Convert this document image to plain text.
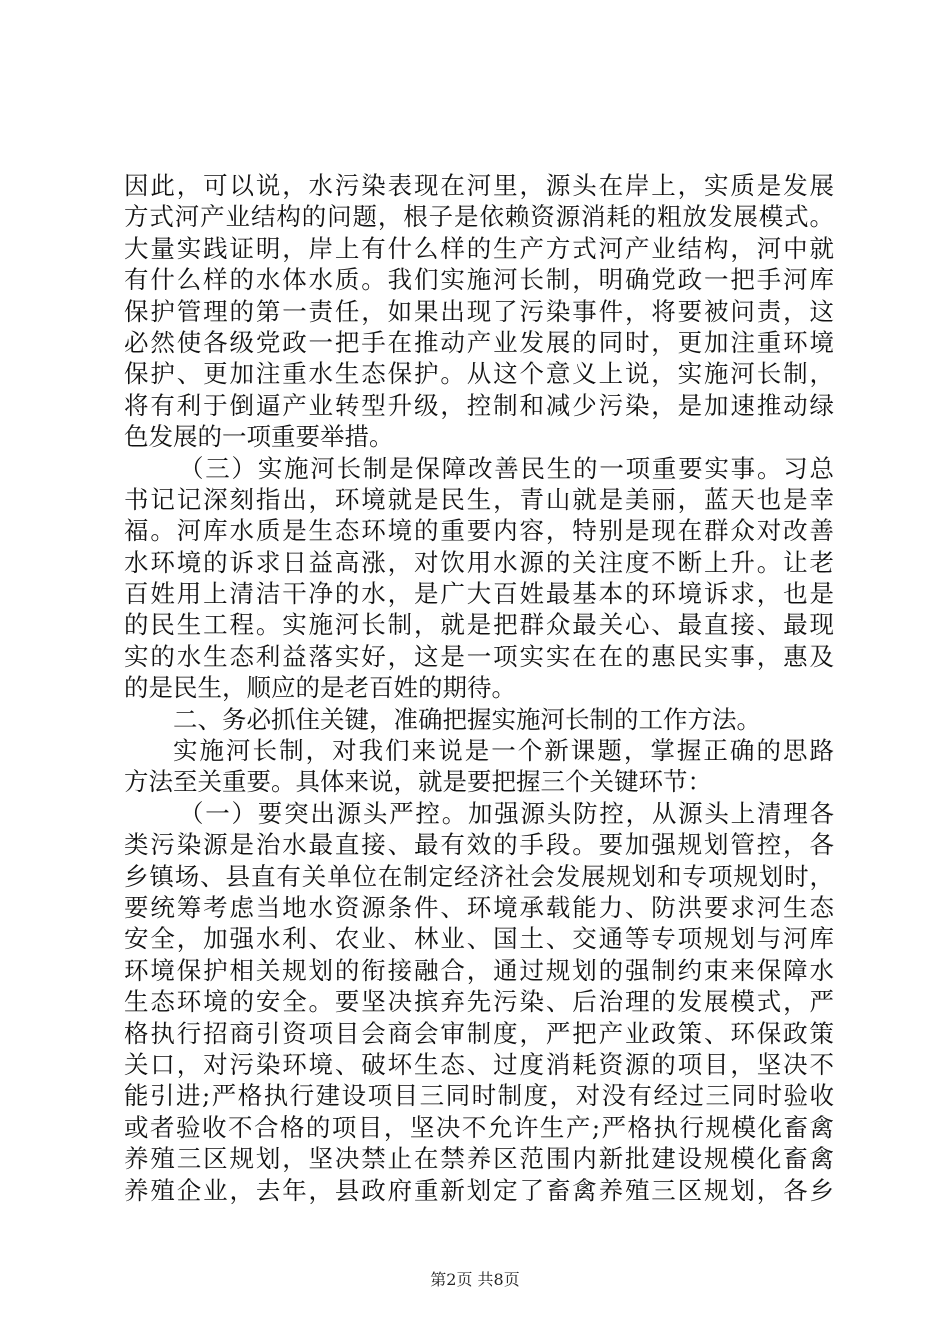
因此，可以说，水污染表现在河里，源头在岸上，实质是发展
方式河产业结构的问题，根子是依赖资源消耗的粗放发展模式。
大量实践证明，岸上有什么样的生产方式河产业结构，河中就
有什么样的水体水质。我们实施河长制，明确党政一把手河库
保护管理的第一责任，如果出现了污染事件，将要被问责，这
必然使各级党政一把手在推动产业发展的同时，更加注重环境
保护、更加注重水生态保护。从这个意义上说，实施河长制，
将有利于倒逼产业转型升级，控制和减少污染，是加速推动绿
色发展的一项重要举措。
（三）实施河长制是保障改善民生的一项重要实事。习总
书记记深刻指出，环境就是民生，青山就是美丽，蓝天也是幸
福。河库水质是生态环境的重要内容，特别是现在群众对改善
水环境的诉求日益高涨，对饮用水源的关注度不断上升。让老
百姓用上清洁干净的水，是广大百姓最基本的环境诉求，也是
的民生工程。实施河长制，就是把群众最关心、最直接、最现
实的水生态利益落实好，这是一项实实在在的惠民实事，惠及
的是民生，顺应的是老百姓的期待。
二、务必抓住关键，准确把握实施河长制的工作方法。
实施河长制，对我们来说是一个新课题，掌握正确的思路
方法至关重要。具体来说，就是要把握三个关键环节：
（一）要突出源头严控。加强源头防控，从源头上清理各
类污染源是治水最直接、最有效的手段。要加强规划管控，各
乡镇场、县直有关单位在制定经济社会发展规划和专项规划时，
要统筹考虑当地水资源条件、环境承载能力、防洪要求河生态
安全，加强水利、农业、林业、国土、交通等专项规划与河库
环境保护相关规划的衔接融合，通过规划的强制约束来保障水
生态环境的安全。要坚决摈弃先污染、后治理的发展模式，严
格执行招商引资项目会商会审制度，严把产业政策、环保政策
关口，对污染环境、破坏生态、过度消耗资源的项目，坚决不
能引进;严格执行建设项目三同时制度，对没有经过三同时验收
或者验收不合格的项目，坚决不允许生产;严格执行规模化畜禽
养殖三区规划，坚决禁止在禁养区范围内新批建设规模化畜禽
养殖企业，去年，县政府重新划定了畜禽养殖三区规划，各乡
第2页 共8页
